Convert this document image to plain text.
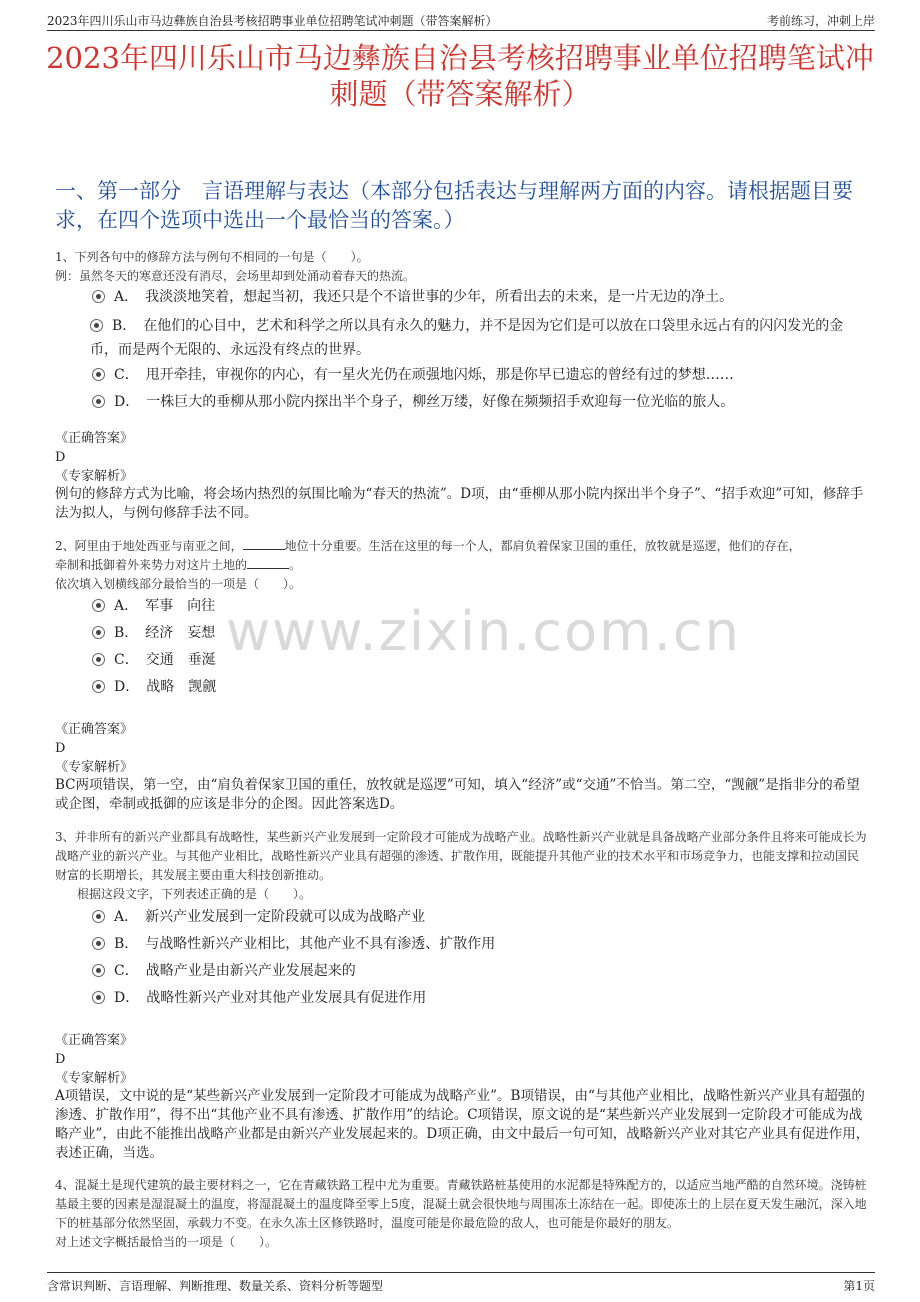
2023年四川乐山市马边彝族自治县考核招聘事业单位招聘笔试冲刺题（带答案解析）	考前练习，冲刺上岸
2023年四川乐山市马边彝族自治县考核招聘事业单位招聘笔试冲刺题（带答案解析）
一、第一部分　言语理解与表达（本部分包括表达与理解两方面的内容。请根据题目要求，在四个选项中选出一个最恰当的答案。）
www.zixin.com.cn
1、下列各句中的修辞方法与例句不相同的一句是（　　）。
例：虽然冬天的寒意还没有消尽，会场里却到处涌动着春天的热流。
A．　我淡淡地笑着，想起当初，我还只是个不谙世事的少年，所看出去的未来，是一片无边的净土。
B．　在他们的心目中，艺术和科学之所以具有永久的魅力，并不是因为它们是可以放在口袋里永远占有的闪闪发光的金币，而是两个无限的、永远没有终点的世界。
C．　甩开牵挂，审视你的内心，有一星火光仍在顽强地闪烁，那是你早已遗忘的曾经有过的梦想……
D．　一株巨大的垂柳从那小院内探出半个身子，柳丝万缕，好像在频频招手欢迎每一位光临的旅人。
《正确答案》
D
《专家解析》
例句的修辞方式为比喻，将会场内热烈的氛围比喻为“春天的热流”。D项，由“垂柳从那小院内探出半个身子”、“招手欢迎”可知，修辞手法为拟人，与例句修辞手法不同。
2、阿里由于地处西亚与南亚之间，	地位十分重要。生活在这里的每一个人，都肩负着保家卫国的重任，放牧就是巡逻，他们的存在，
牵制和抵御着外来势力对这片土地的	。
依次填入划横线部分最恰当的一项是（　　）。
A．　军事　向往
B．　经济　妄想
C．　交通　垂涎
D．　战略　觊觎
《正确答案》
D
《专家解析》
BC两项错误，第一空，由“肩负着保家卫国的重任，放牧就是巡逻”可知，填入“经济”或“交通”不恰当。第二空，“觊觎”是指非分的希望或企图，牵制或抵御的应该是非分的企图。因此答案选D。
3、并非所有的新兴产业都具有战略性，某些新兴产业发展到一定阶段才可能成为战略产业。战略性新兴产业就是具备战略产业部分条件且将来可能成长为战略产业的新兴产业。与其他产业相比，战略性新兴产业具有超强的渗透、扩散作用，既能提升其他产业的技术水平和市场竞争力，也能支撑和拉动国民财富的长期增长，其发展主要由重大科技创新推动。
根据这段文字，下列表述正确的是（　　）。
A．　新兴产业发展到一定阶段就可以成为战略产业
B．　与战略性新兴产业相比，其他产业不具有渗透、扩散作用
C．　战略产业是由新兴产业发展起来的
D．　战略性新兴产业对其他产业发展具有促进作用
《正确答案》
D
《专家解析》
A项错误，文中说的是“某些新兴产业发展到一定阶段才可能成为战略产业”。B项错误，由“与其他产业相比，战略性新兴产业具有超强的渗透、扩散作用”，得不出“其他产业不具有渗透、扩散作用”的结论。C项错误，原文说的是“某些新兴产业发展到一定阶段才可能成为战略产业”，由此不能推出战略产业都是由新兴产业发展起来的。D项正确，由文中最后一句可知，战略新兴产业对其它产业具有促进作用，表述正确，当选。
4、混凝土是现代建筑的最主要材料之一，它在青藏铁路工程中尤为重要。青藏铁路桩基使用的水泥都是特殊配方的，以适应当地严酷的自然环境。浇铸桩基最主要的因素是湿混凝土的温度，将湿混凝土的温度降至零上5度，混凝土就会很快地与周围冻土冻结在一起。即使冻土的上层在夏天发生融沉，深入地下的桩基部分依然坚固，承载力不变。在永久冻土区修铁路时，温度可能是你最危险的敌人，也可能是你最好的朋友。
对上述文字概括最恰当的一项是（　　）。
含常识判断、言语理解、判断推理、数量关系、资料分析等题型	第1页
